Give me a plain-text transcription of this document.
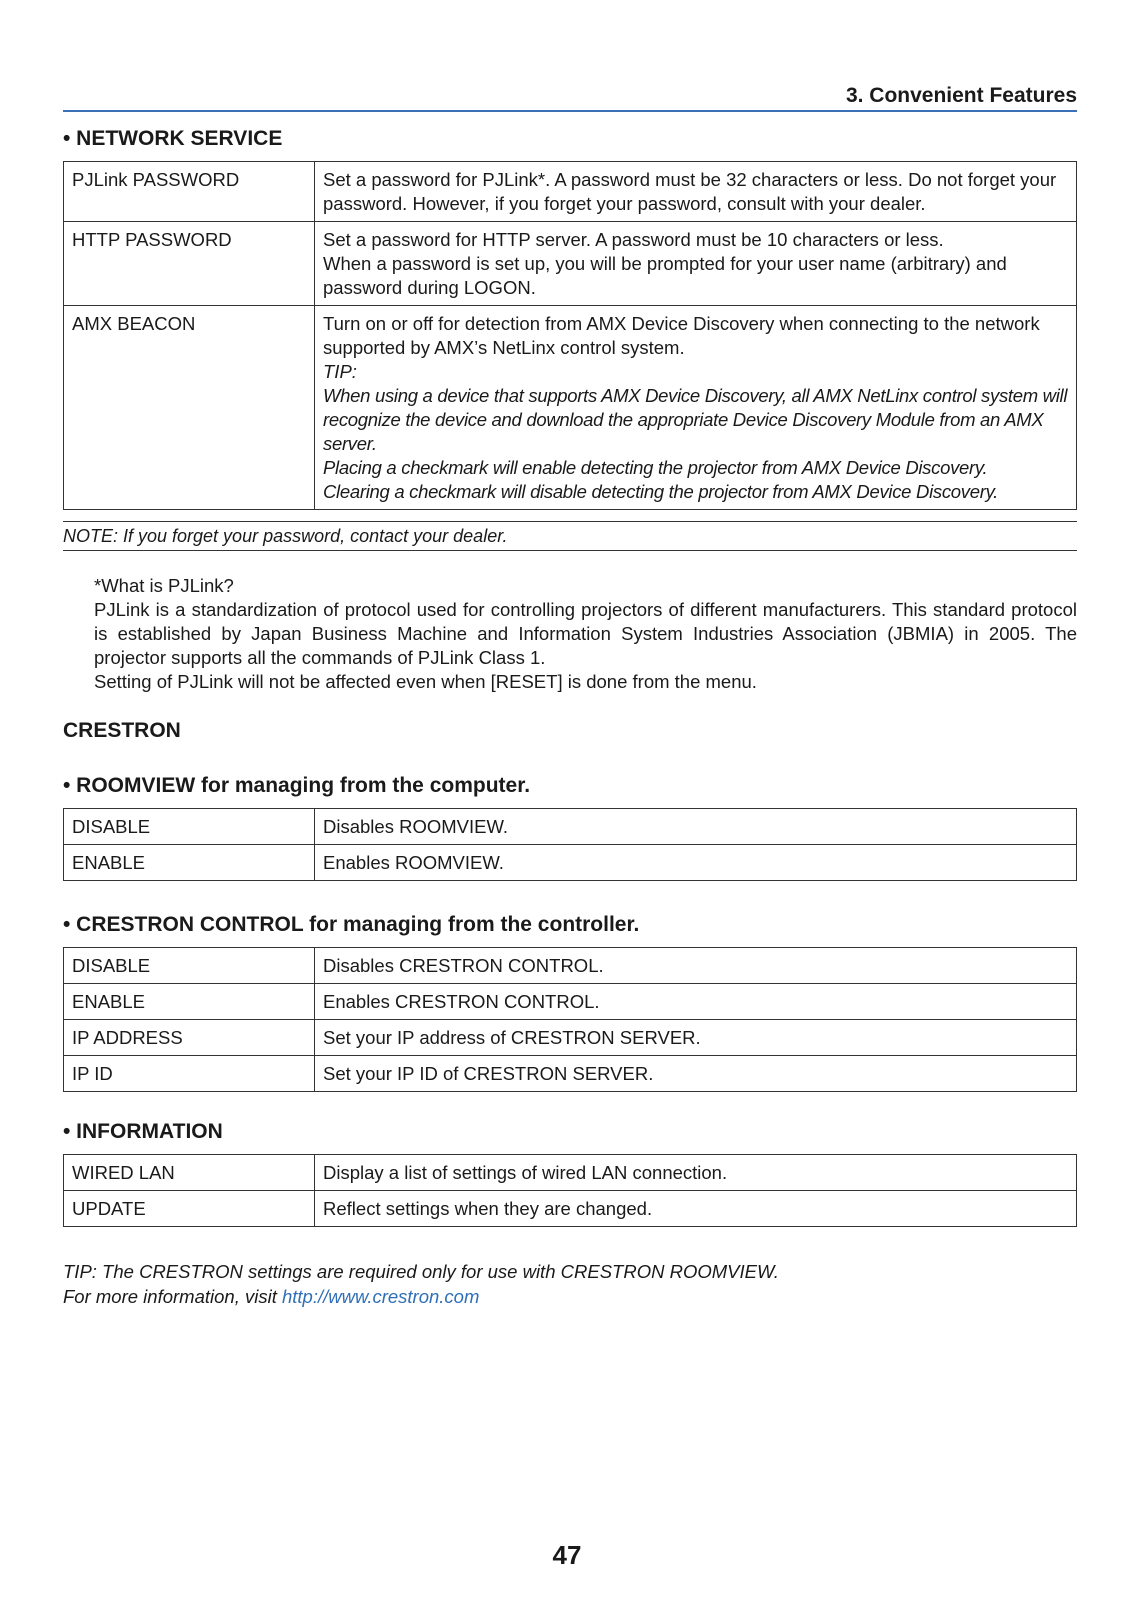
3. Convenient Features
• NETWORK SERVICE
PJLink PASSWORD	Set a password for PJLink*. A password must be 32 characters or less. Do not forget your password. However, if you forget your password, consult with your dealer.

HTTP PASSWORD	Set a password for HTTP server. A password must be 10 characters or less.
When a password is set up, you will be prompted for your user name (arbitrary) and password during LOGON.

AMX BEACON	Turn on or off for detection from AMX Device Discovery when connecting to the network supported by AMX’s NetLinx control system.
TIP:
When using a device that supports AMX Device Discovery, all AMX NetLinx control system will recognize the device and download the appropriate Device Discovery Module from an AMX server.
Placing a checkmark will enable detecting the projector from AMX Device Discovery.
Clearing a checkmark will disable detecting the projector from AMX Device Discovery.
NOTE: If you forget your password, contact your dealer.

*What is PJLink?

PJLink is a standardization of protocol used for controlling projectors of different manufacturers. This standard protocol is established by Japan Business Machine and Information System Industries Association (JBMIA) in 2005. The projector supports all the commands of PJLink Class 1.

Setting of PJLink will not be affected even when [RESET] is done from the menu.

CRESTRON
• ROOMVIEW for managing from the computer.
DISABLE	Disables ROOMVIEW.
ENABLE	Enables ROOMVIEW.
• CRESTRON CONTROL for managing from the controller.
DISABLE	Disables CRESTRON CONTROL.
ENABLE	Enables CRESTRON CONTROL.
IP ADDRESS	Set your IP address of CRESTRON SERVER.
IP ID	Set your IP ID of CRESTRON SERVER.
• INFORMATION
WIRED LAN	Display a list of settings of wired LAN connection.
UPDATE	Reflect settings when they are changed.

TIP: The CRESTRON settings are required only for use with CRESTRON ROOMVIEW.

For more information, visit http://www.crestron.com

47
